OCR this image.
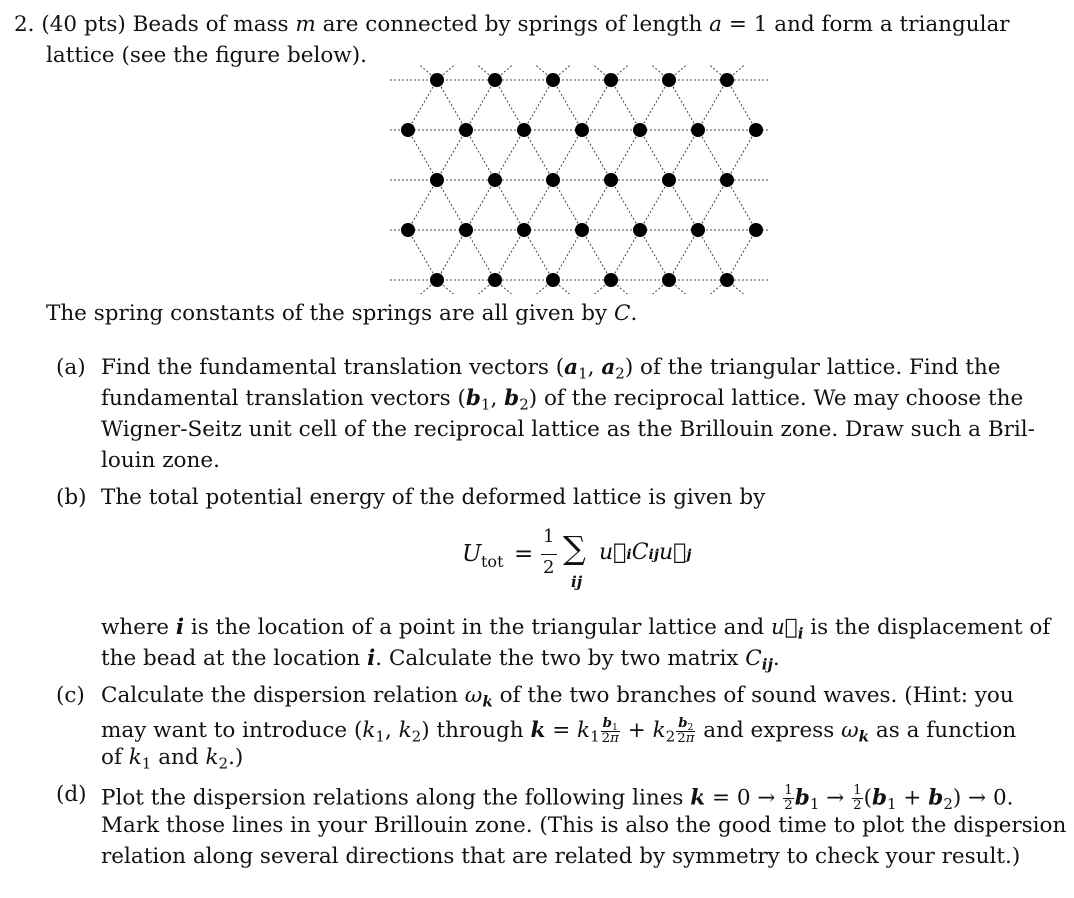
2. (40 pts) Beads of mass m are connected by springs of length a = 1 and form a triangular
lattice (see the figure below).
The spring constants of the springs are all given by C.
(a) Find the fundamental translation vectors ($a_1$, $a_2$) of the triangular lattice. Find the
fundamental translation vectors ($b_1$, $b_2$) of the reciprocal lattice. We may choose the
Wigner-Seitz unit cell of the reciprocal lattice as the Brillouin zone. Draw such a Bril-
louin zone.
(b) The total potential energy of the deformed lattice is given by
U tot =
1
2
∑
ij
u⃗iCiju⃗j
where i is the location of a point in the triangular lattice and $u⃗_i$ is the displacement of
the bead at the location i. Calculate the two by two matrix $C_{ij}$.
(c) Calculate the dispersion relation $\omega_k$ of the two branches of sound waves. (Hint: you
may want to introduce ($k_1$, $k_2$) through $k = k_1 \frac{b_1}{2\pi} + k_2 \frac{b_2}{2\pi}$ and express $\omega_k$ as a function
of $k_1$ and $k_2$.)
(d) Plot the dispersion relations along the following lines $k = 0 \to \frac{1}{2} b_1 \to \frac{1}{2} (b_1 + b_2) \to 0$.
Mark those lines in your Brillouin zone. (This is also the good time to plot the dispersion
relation along several directions that are related by symmetry to check your result.)
